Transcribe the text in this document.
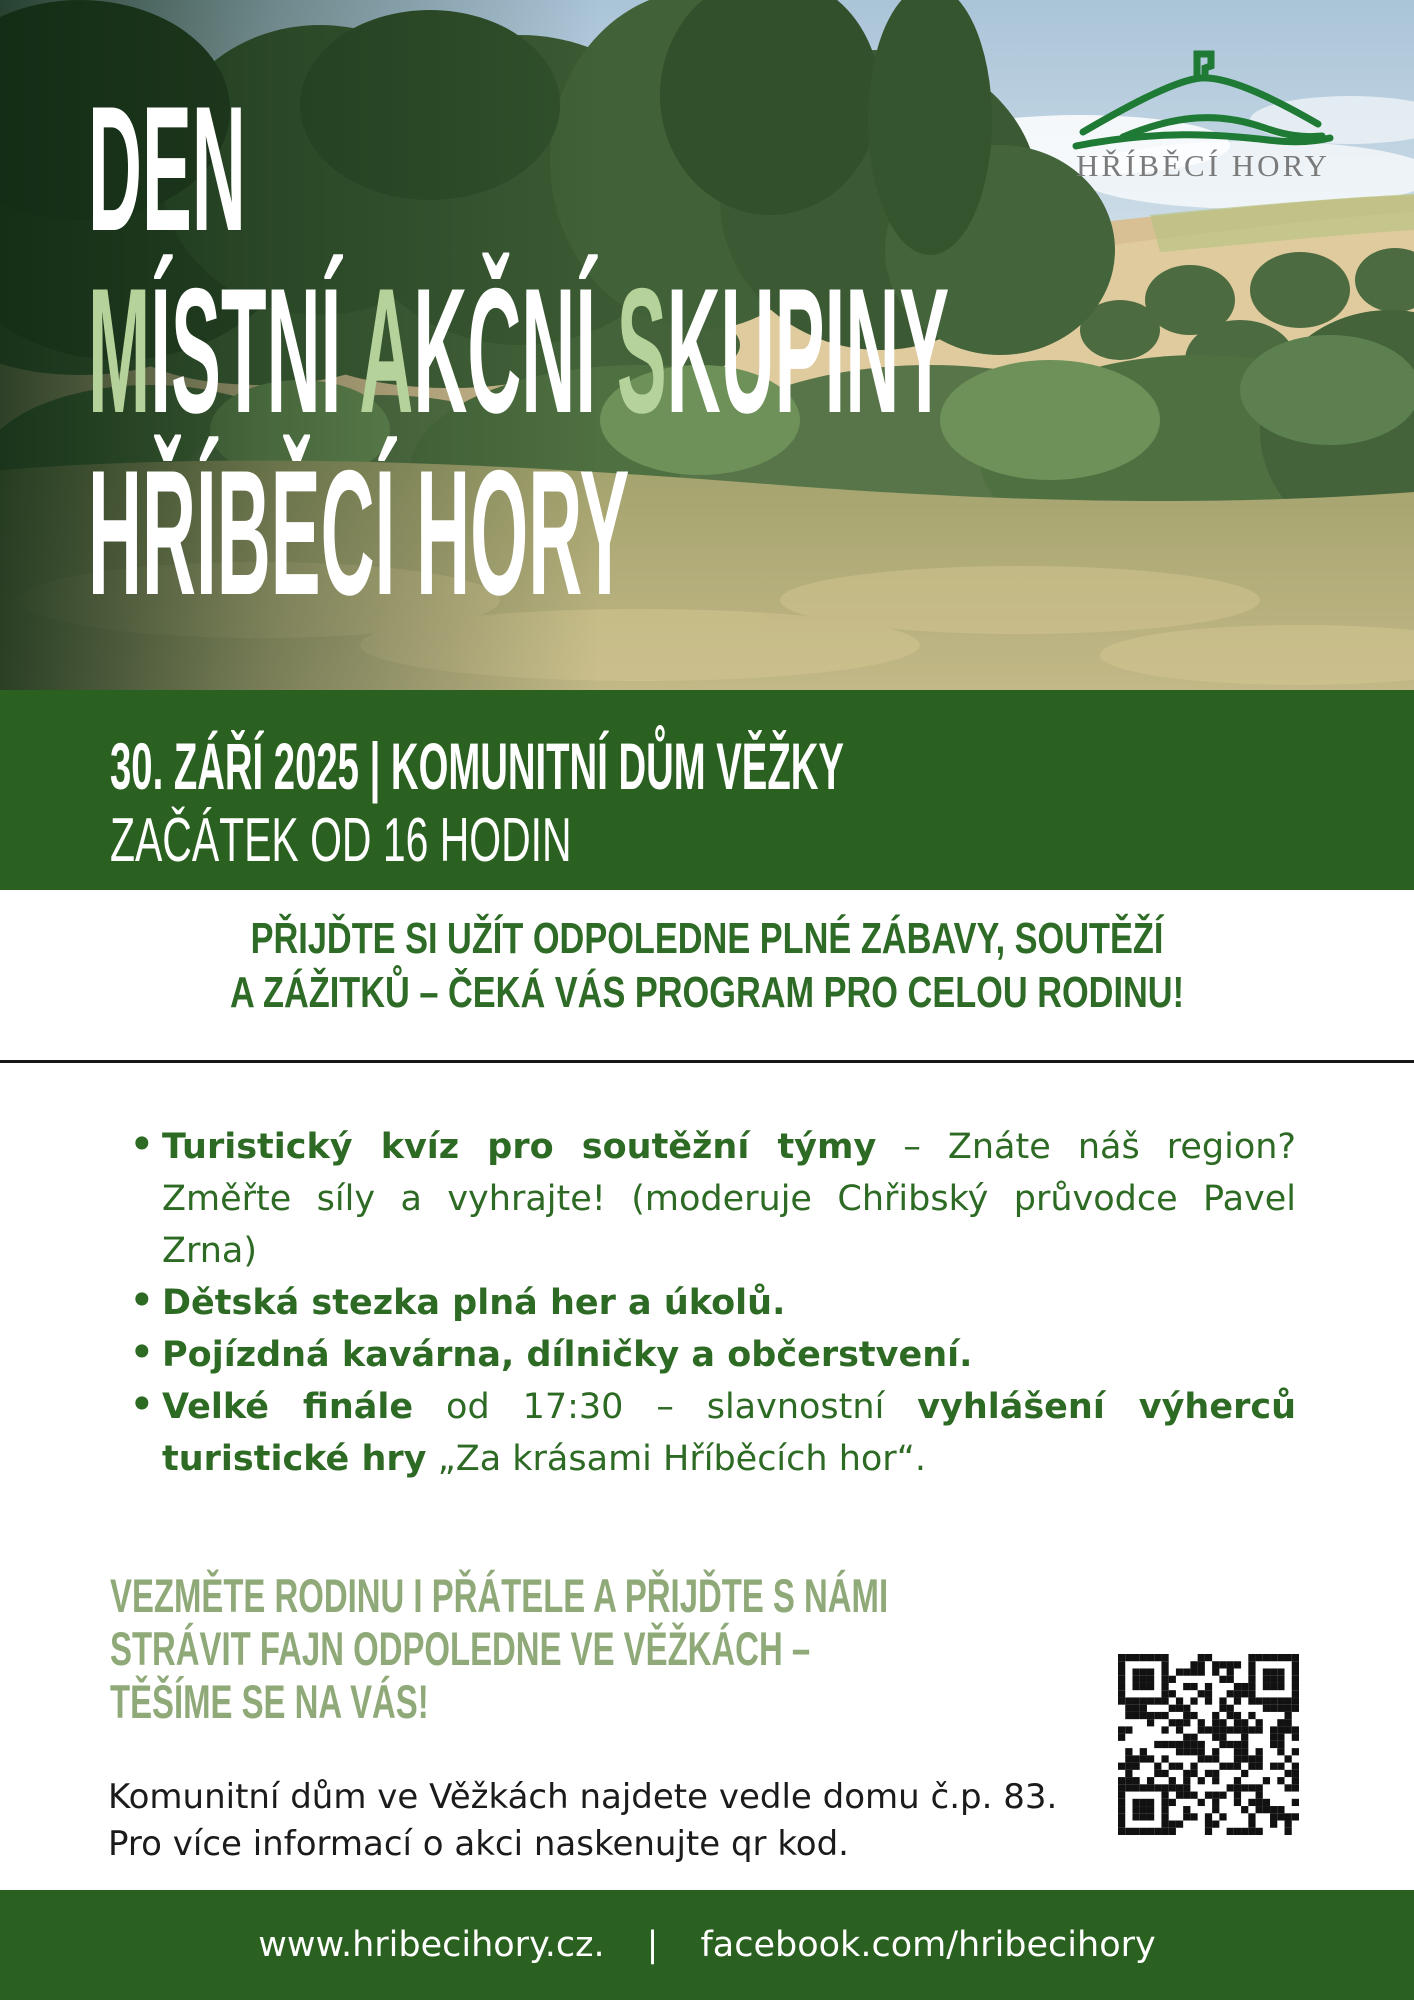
HŘÍBĚCÍ HORY
DEN
MÍSTNÍ AKČNÍ SKUPINY
HŘÍBĚCÍ HORY
30. ZÁŘÍ 2025 | KOMUNITNÍ DŮM VĚŽKY
ZAČÁTEK OD 16 HODIN
PŘIJĎTE SI UŽÍT ODPOLEDNE PLNÉ ZÁBAVY, SOUTĚŽÍ
A ZÁŽITKŮ – ČEKÁ VÁS PROGRAM PRO CELOU RODINU!
• Turistický kvíz pro soutěžní týmy – Znáte náš region? Změřte síly a vyhrajte! (moderuje Chřibský průvodce Pavel Zrna)
• Dětská stezka plná her a úkolů.
• Pojízdná kavárna, dílničky a občerstvení.
• Velké finále od 17:30 – slavnostní vyhlášení výherců turistické hry „Za krásami Hříběcích hor“.
VEZMĚTE RODINU I PŘÁTELE A PŘIJĎTE S NÁMI
STRÁVIT FAJN ODPOLEDNE VE VĚŽKÁCH –
TĚŠÍME SE NA VÁS!
Komunitní dům ve Věžkách najdete vedle domu č.p. 83.
Pro více informací o akci naskenujte qr kod.
www.hribecihory.cz. | facebook.com/hribecihory
